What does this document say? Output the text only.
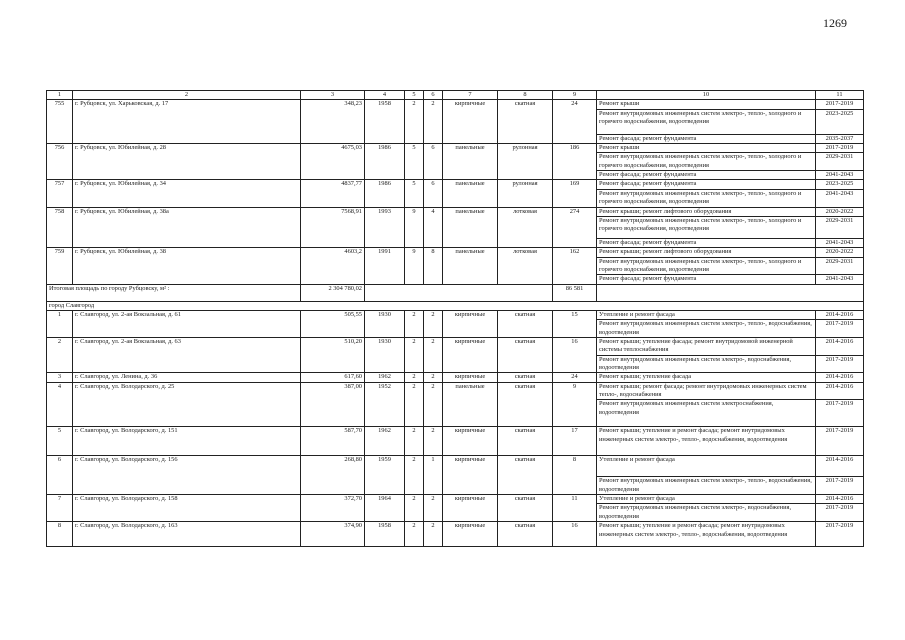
1269
1	2	3	4	5	6	7	8	9	10	11
755	г. Рубцовск, ул. Харьковская, д. 17	348,23	1958	2	2	кирпичные	скатная	24	Ремонт крыши	2017-2019
									Ремонт внутридомовых инженерных систем электро-, тепло-, холодного и горячего водоснабжения, водоотведения	2023-2025
									Ремонт фасада; ремонт фундамента	2035-2037
756	г. Рубцовск, ул. Юбилейная, д. 28	4675,03	1986	5	6	панельные	рулонная	186	Ремонт крыши	2017-2019
									Ремонт внутридомовых инженерных систем электро-, тепло-, холодного и горячего водоснабжения, водоотведения	2029-2031
									Ремонт фасада; ремонт фундамента	2041-2043
757	г. Рубцовск, ул. Юбилейная, д. 34	4837,77	1986	5	6	панельные	рулонная	169	Ремонт фасада; ремонт фундамента	2023-2025
									Ремонт внутридомовых инженерных систем электро-, тепло-, холодного и горячего водоснабжения, водоотведения	2041-2043
758	г. Рубцовск, ул. Юбилейная, д. 38а	7568,91	1993	9	4	панельные	лотковая	274	Ремонт крыши; ремонт лифтового оборудования	2020-2022
									Ремонт внутридомовых инженерных систем электро-, тепло-, холодного и горячего водоснабжения, водоотведения	2029-2031
									Ремонт фасада; ремонт фундамента	2041-2043
759	г. Рубцовск, ул. Юбилейная, д. 38	4603,2	1991	9	8	панельные	лотковая	162	Ремонт крыши; ремонт лифтового оборудования	2020-2022
									Ремонт внутридомовых инженерных систем электро-, тепло-, холодного и горячего водоснабжения, водоотведения	2029-2031
									Ремонт фасада; ремонт фундамента	2041-2043
Итоговая площадь по городу Рубцовску, м² :		2 304 780,02						86 581		
город Славгород										
1	г. Славгород, ул. 2-ая Вокзальная, д. 61	505,55	1930	2	2	кирпичные	скатная	15	Утепление и ремонт фасада	2014-2016
									Ремонт внутридомовых инженерных систем электро-, тепло-, водоснабжения, водоотведения	2017-2019
2	г. Славгород, ул. 2-ая Вокзальная, д. 63	510,20	1930	2	2	кирпичные	скатная	16	Ремонт крыши; утепление фасада; ремонт внутридомовой инженерной системы теплоснабжения	2014-2016
									Ремонт внутридомовых инженерных систем электро-, водоснабжения, водоотведения	2017-2019
3	г. Славгород, ул. Ленина, д. 36	617,60	1962	2	2	кирпичные	скатная	24	Ремонт крыши; утепление фасада	2014-2016
4	г. Славгород, ул. Володарского, д. 25	387,00	1952	2	2	панельные	скатная	9	Ремонт крыши; ремонт фасада; ремонт внутридомовых инженерных систем тепло-, водоснабжения	2014-2016
									Ремонт внутридомовых инженерных систем электроснабжения, водоотведения	2017-2019
5	г. Славгород, ул. Володарского, д. 151	587,70	1962	2	2	кирпичные	скатная	17	Ремонт крыши; утепление и ремонт фасада; ремонт внутридомовых инженерных систем электро-, тепло-, водоснабжения, водоотведения	2017-2019
6	г. Славгород, ул. Володарского, д. 156	268,80	1959	2	1	кирпичные	скатная	8	Утепление и ремонт фасада	2014-2016
									Ремонт внутридомовых инженерных систем электро-, тепло-, водоснабжения, водоотведения	2017-2019
7	г. Славгород, ул. Володарского, д. 158	372,70	1964	2	2	кирпичные	скатная	11	Утепление и ремонт фасада	2014-2016
									Ремонт внутридомовых инженерных систем электро-, водоснабжения, водоотведения	2017-2019
8	г. Славгород, ул. Володарского, д. 163	374,90	1958	2	2	кирпичные	скатная	16	Ремонт крыши; утепление и ремонт фасада; ремонт внутридомовых инженерных систем электро-, тепло-, водоснабжения, водоотведения	2017-2019
